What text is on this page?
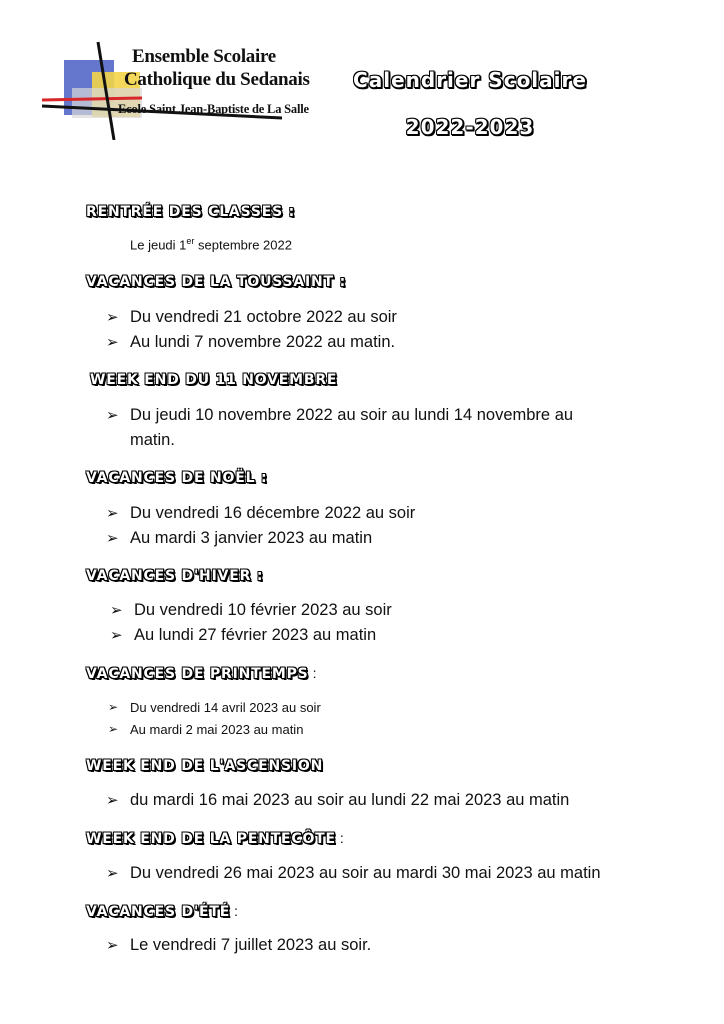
Ensemble Scolaire
Catholique du Sedanais
Ecole Saint Jean-Baptiste de La Salle
Calendrier Scolaire
2022-2023
RENTRÉE DES CLASSES :
Le jeudi 1er septembre 2022
VACANCES DE LA TOUSSAINT :
➢ Du vendredi 21 octobre 2022 au soir
➢ Au lundi 7 novembre 2022 au matin.
WEEK END DU 11 NOVEMBRE
➢ Du jeudi 10 novembre 2022 au soir au lundi 14 novembre au
matin.
VACANCES DE NOËL :
➢ Du vendredi 16 décembre 2022 au soir
➢ Au mardi 3 janvier 2023 au matin
VACANCES D'HIVER :
➢ Du vendredi 10 février 2023 au soir
➢ Au lundi 27 février 2023 au matin
VACANCES DE PRINTEMPS :
➢ Du vendredi 14 avril 2023 au soir
➢ Au mardi 2 mai 2023 au matin
WEEK END DE L'ASCENSION
➢ du mardi 16 mai 2023 au soir au lundi 22 mai 2023 au matin
WEEK END DE LA PENTECÔTE :
➢ Du vendredi 26 mai 2023 au soir au mardi 30 mai 2023 au matin
VACANCES D'ÉTÉ :
➢ Le vendredi 7 juillet 2023 au soir.
